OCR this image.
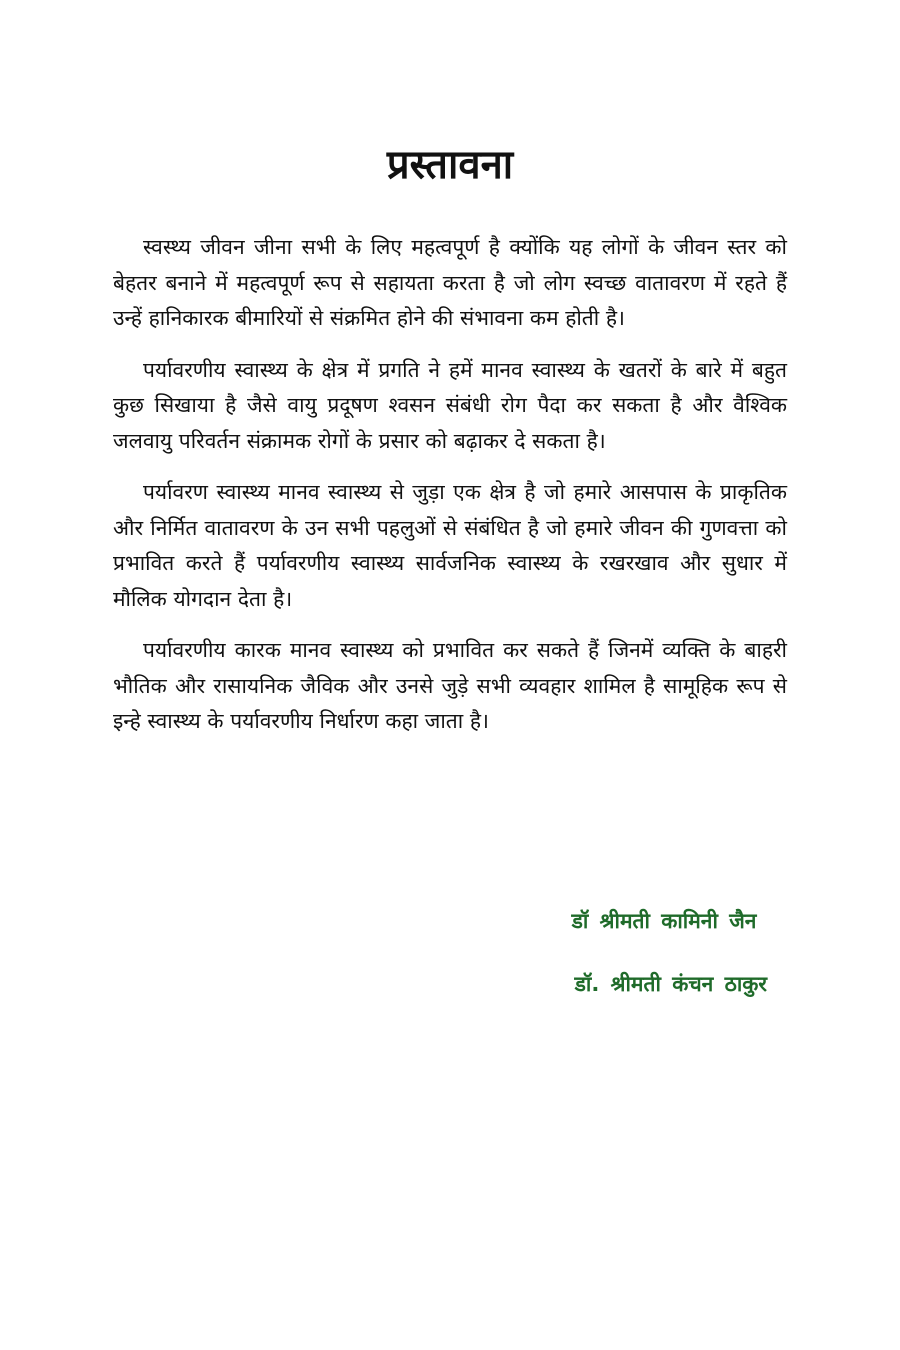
प्रस्तावना

स्वस्थ्य जीवन जीना सभी के लिए महत्वपूर्ण है क्योंकि यह लोगों के जीवन स्तर को बेहतर बनाने में महत्वपूर्ण रूप से सहायता करता है जो लोग स्वच्छ वातावरण में रहते हैं उन्हें हानिकारक बीमारियों से संक्रमित होने की संभावना कम होती है।

पर्यावरणीय स्वास्थ्य के क्षेत्र में प्रगति ने हमें मानव स्वास्थ्य के खतरों के बारे में बहुत कुछ सिखाया है जैसे वायु प्रदूषण श्वसन संबंधी रोग पैदा कर सकता है और वैश्विक जलवायु परिवर्तन संक्रामक रोगों के प्रसार को बढ़ाकर दे सकता है।

पर्यावरण स्वास्थ्य मानव स्वास्थ्य से जुड़ा एक क्षेत्र है जो हमारे आसपास के प्राकृतिक और निर्मित वातावरण के उन सभी पहलुओं से संबंधित है जो हमारे जीवन की गुणवत्ता को प्रभावित करते हैं पर्यावरणीय स्वास्थ्य सार्वजनिक स्वास्थ्य के रखरखाव और सुधार में मौलिक योगदान देता है।

पर्यावरणीय कारक मानव स्वास्थ्य को प्रभावित कर सकते हैं जिनमें व्यक्ति के बाहरी भौतिक और रासायनिक जैविक और उनसे जुड़े सभी व्यवहार शामिल है सामूहिक रूप से इन्हे स्वास्थ्य के पर्यावरणीय निर्धारण कहा जाता है।

डॉ श्रीमती कामिनी जैन
डॉ. श्रीमती कंचन ठाकुर
